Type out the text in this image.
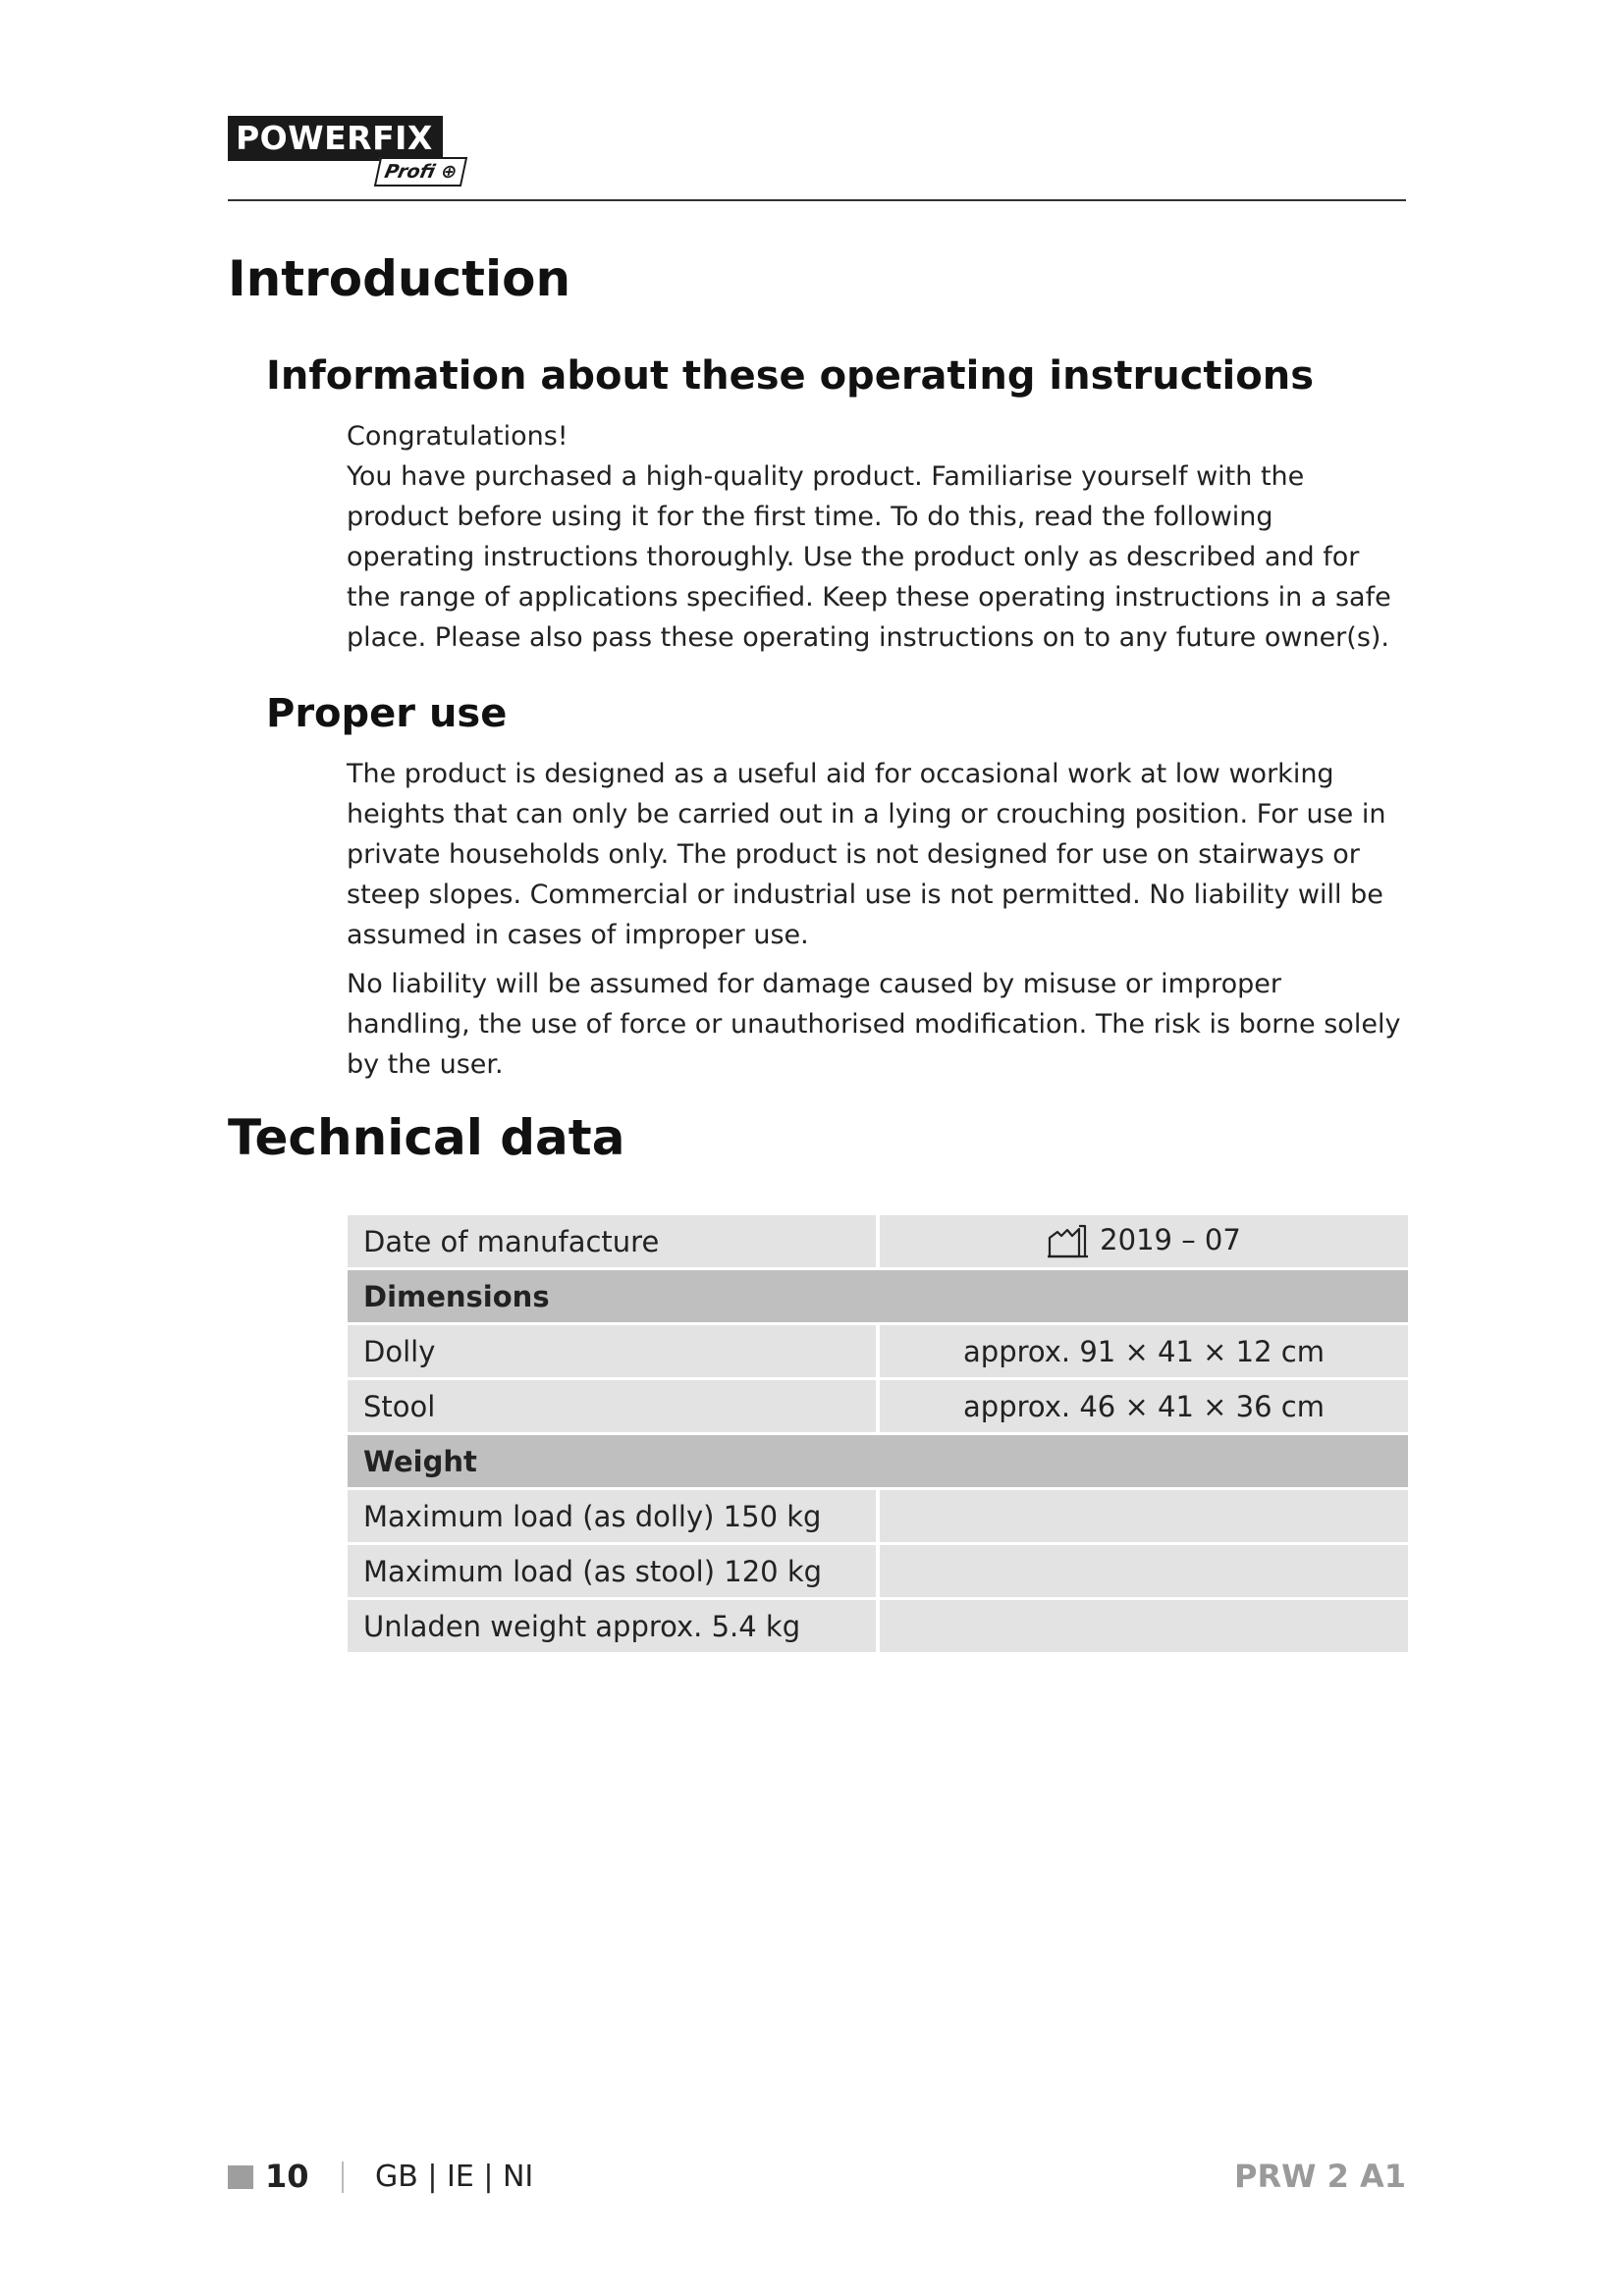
POWERFIX
Profi ⊕
Introduction
Information about these operating instructions

Congratulations!

You have purchased a high-quality product. Familiarise yourself with the product before using it for the first time. To do this, read the following operating instructions thoroughly. Use the product only as described and for the range of applications specified. Keep these operating instructions in a safe place. Please also pass these operating instructions on to any future owner(s).

Proper use

The product is designed as a useful aid for occasional work at low working heights that can only be carried out in a lying or crouching position. For use in private households only. The product is not designed for use on stairways or steep slopes. Commercial or industrial use is not permitted. No liability will be assumed in cases of improper use.

No liability will be assumed for damage caused by misuse or improper handling, the use of force or unauthorised modification. The risk is borne solely by the user.

Technical data
Date of manufacture	2019 – 07
Dimensions	
Dolly	approx. 91 × 41 × 12 cm
Stool	approx. 46 × 41 × 36 cm
Weight	
Maximum load (as dolly) 150 kg	
Maximum load (as stool) 120 kg	
Unladen weight approx. 5.4 kg	
10 GB | IE | NI	PRW 2 A1
